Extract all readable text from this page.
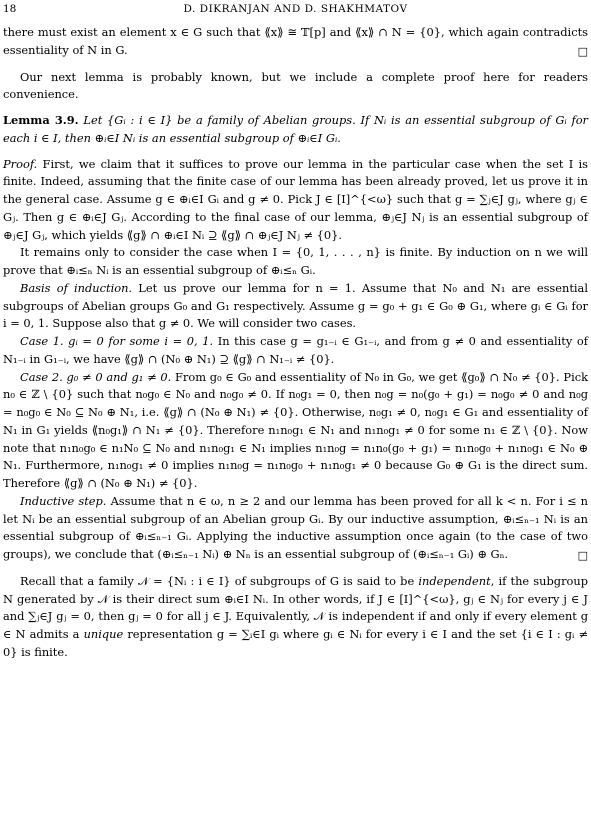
18	D. DIKRANJAN AND D. SHAKHMATOV

there must exist an element x ∈ G such that ⟪x⟫ ≅ 𝕋[p] and ⟪x⟫ ∩ N = {0}, which again contradicts essentiality of N in G.	□

Our next lemma is probably known, but we include a complete proof here for readers convenience.

Lemma 3.9. Let {Gᵢ : i ∈ I} be a family of Abelian groups. If Nᵢ is an essential subgroup of Gᵢ for each i ∈ I, then ⊕ᵢ∈I Nᵢ is an essential subgroup of ⊕ᵢ∈I Gᵢ.

Proof. First, we claim that it suffices to prove our lemma in the particular case when the set I is finite. Indeed, assuming that the finite case of our lemma has been already proved, let us prove it in the general case. Assume g ∈ ⊕ᵢ∈I Gᵢ and g ≠ 0. Pick J ∈ [I]^{<ω} such that g = ∑ⱼ∈J gⱼ, where gⱼ ∈ Gⱼ. Then g ∈ ⊕ᵢ∈J Gⱼ. According to the final case of our lemma, ⊕ⱼ∈J Nⱼ is an essential subgroup of ⊕ⱼ∈J Gⱼ, which yields ⟪g⟫ ∩ ⊕ᵢ∈I Nᵢ ⊇ ⟪g⟫ ∩ ⊕ⱼ∈J Nⱼ ≠ {0}.

It remains only to consider the case when I = {0, 1, . . . , n} is finite. By induction on n we will prove that ⊕ᵢ≤ₙ Nᵢ is an essential subgroup of ⊕ᵢ≤ₙ Gᵢ.

Basis of induction. Let us prove our lemma for n = 1. Assume that N₀ and N₁ are essential subgroups of Abelian groups G₀ and G₁ respectively. Assume g = g₀ + g₁ ∈ G₀ ⊕ G₁, where gᵢ ∈ Gᵢ for i = 0, 1. Suppose also that g ≠ 0. We will consider two cases.

Case 1. gᵢ = 0 for some i = 0, 1. In this case g = g₁₋ᵢ ∈ G₁₋ᵢ, and from g ≠ 0 and essentiality of N₁₋ᵢ in G₁₋ᵢ, we have ⟪g⟫ ∩ (N₀ ⊕ N₁) ⊇ ⟪g⟫ ∩ N₁₋ᵢ ≠ {0}.

Case 2. g₀ ≠ 0 and g₁ ≠ 0. From g₀ ∈ G₀ and essentiality of N₀ in G₀, we get ⟪g₀⟫ ∩ N₀ ≠ {0}. Pick n₀ ∈ ℤ \ {0} such that n₀g₀ ∈ N₀ and n₀g₀ ≠ 0. If n₀g₁ = 0, then n₀g = n₀(g₀ + g₁) = n₀g₀ ≠ 0 and n₀g = n₀g₀ ∈ N₀ ⊆ N₀ ⊕ N₁, i.e. ⟪g⟫ ∩ (N₀ ⊕ N₁) ≠ {0}. Otherwise, n₀g₁ ≠ 0, n₀g₁ ∈ G₁ and essentiality of N₁ in G₁ yields ⟪n₀g₁⟫ ∩ N₁ ≠ {0}. Therefore n₁n₀g₁ ∈ N₁ and n₁n₀g₁ ≠ 0 for some n₁ ∈ ℤ \ {0}. Now note that n₁n₀g₀ ∈ n₁N₀ ⊆ N₀ and n₁n₀g₁ ∈ N₁ implies n₁n₀g = n₁n₀(g₀ + g₁) = n₁n₀g₀ + n₁n₀g₁ ∈ N₀ ⊕ N₁. Furthermore, n₁n₀g₁ ≠ 0 implies n₁n₀g = n₁n₀g₀ + n₁n₀g₁ ≠ 0 because G₀ ⊕ G₁ is the direct sum. Therefore ⟪g⟫ ∩ (N₀ ⊕ N₁) ≠ {0}.

Inductive step. Assume that n ∈ ω, n ≥ 2 and our lemma has been proved for all k < n. For i ≤ n let Nᵢ be an essential subgroup of an Abelian group Gᵢ. By our inductive assumption, ⊕ᵢ≤ₙ₋₁ Nᵢ is an essential subgroup of ⊕ᵢ≤ₙ₋₁ Gᵢ. Applying the inductive assumption once again (to the case of two groups), we conclude that (⊕ᵢ≤ₙ₋₁ Nᵢ) ⊕ Nₙ is an essential subgroup of (⊕ᵢ≤ₙ₋₁ Gᵢ) ⊕ Gₙ.	□

Recall that a family 𝒩 = {Nᵢ : i ∈ I} of subgroups of G is said to be independent, if the subgroup N generated by 𝒩 is their direct sum ⊕ᵢ∈I Nᵢ. In other words, if J ∈ [I]^{<ω}, gⱼ ∈ Nⱼ for every j ∈ J and ∑ⱼ∈J gⱼ = 0, then gⱼ = 0 for all j ∈ J. Equivalently, 𝒩 is independent if and only if every element g ∈ N admits a unique representation g = ∑ᵢ∈I gᵢ where gᵢ ∈ Nᵢ for every i ∈ I and the set {i ∈ I : gᵢ ≠ 0} is finite.
